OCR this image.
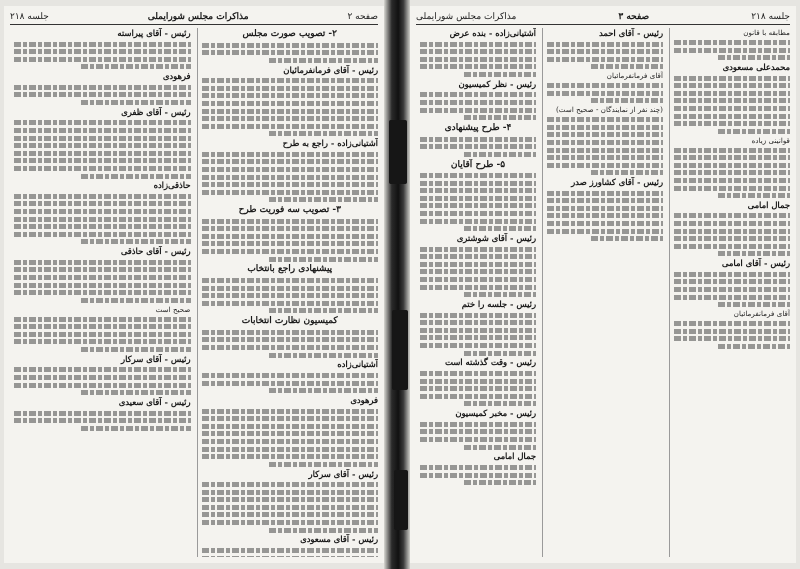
صفحه ۲
مذاکرات مجلس شورایملی
جلسه ۲۱۸
۲- تصویب صورت مجلس
رئیس - آقای فرمانفرمائیان
آشتیانی‌زاده - راجع به طرح
۳- تصویب سه فوریت طرح
پیشنهادی راجع بانتخاب
کمیسیون نظارت انتخابات
آشتیانی‌زاده
فرهودی
رئیس - آقای سرکار
رئیس - آقای مسعودی
رئیس - آقای پیراسته
فرهودی
رئیس - آقای ظفری
حاذقی‌زاده
رئیس - آقای حاذقی
صحیح است
رئیس - آقای سرکار
رئیس - آقای سعیدی
جلسه ۲۱۸
صفحه ۳
مذاکرات مجلس شورایملی
مطابقه با قانون
محمدعلی مسعودی
قوانینی زیاده
جمال امامی
رئیس - آقای امامی
آقای فرمانفرمائیان
رئیس - آقای احمد
آقای فرمانفرمائیان
(چند نفر از نمایندگان - صحیح است)
رئیس - آقای کشاورز صدر
آشتیانی‌زاده - بنده عرض
رئیس - نظر کمیسیون
۴- طرح پیشنهادی
۵- طرح آقایان
رئیس - آقای شوشتری
رئیس - جلسه را ختم
رئیس - وقت گذشته است
رئیس - مخبر کمیسیون
جمال امامی
